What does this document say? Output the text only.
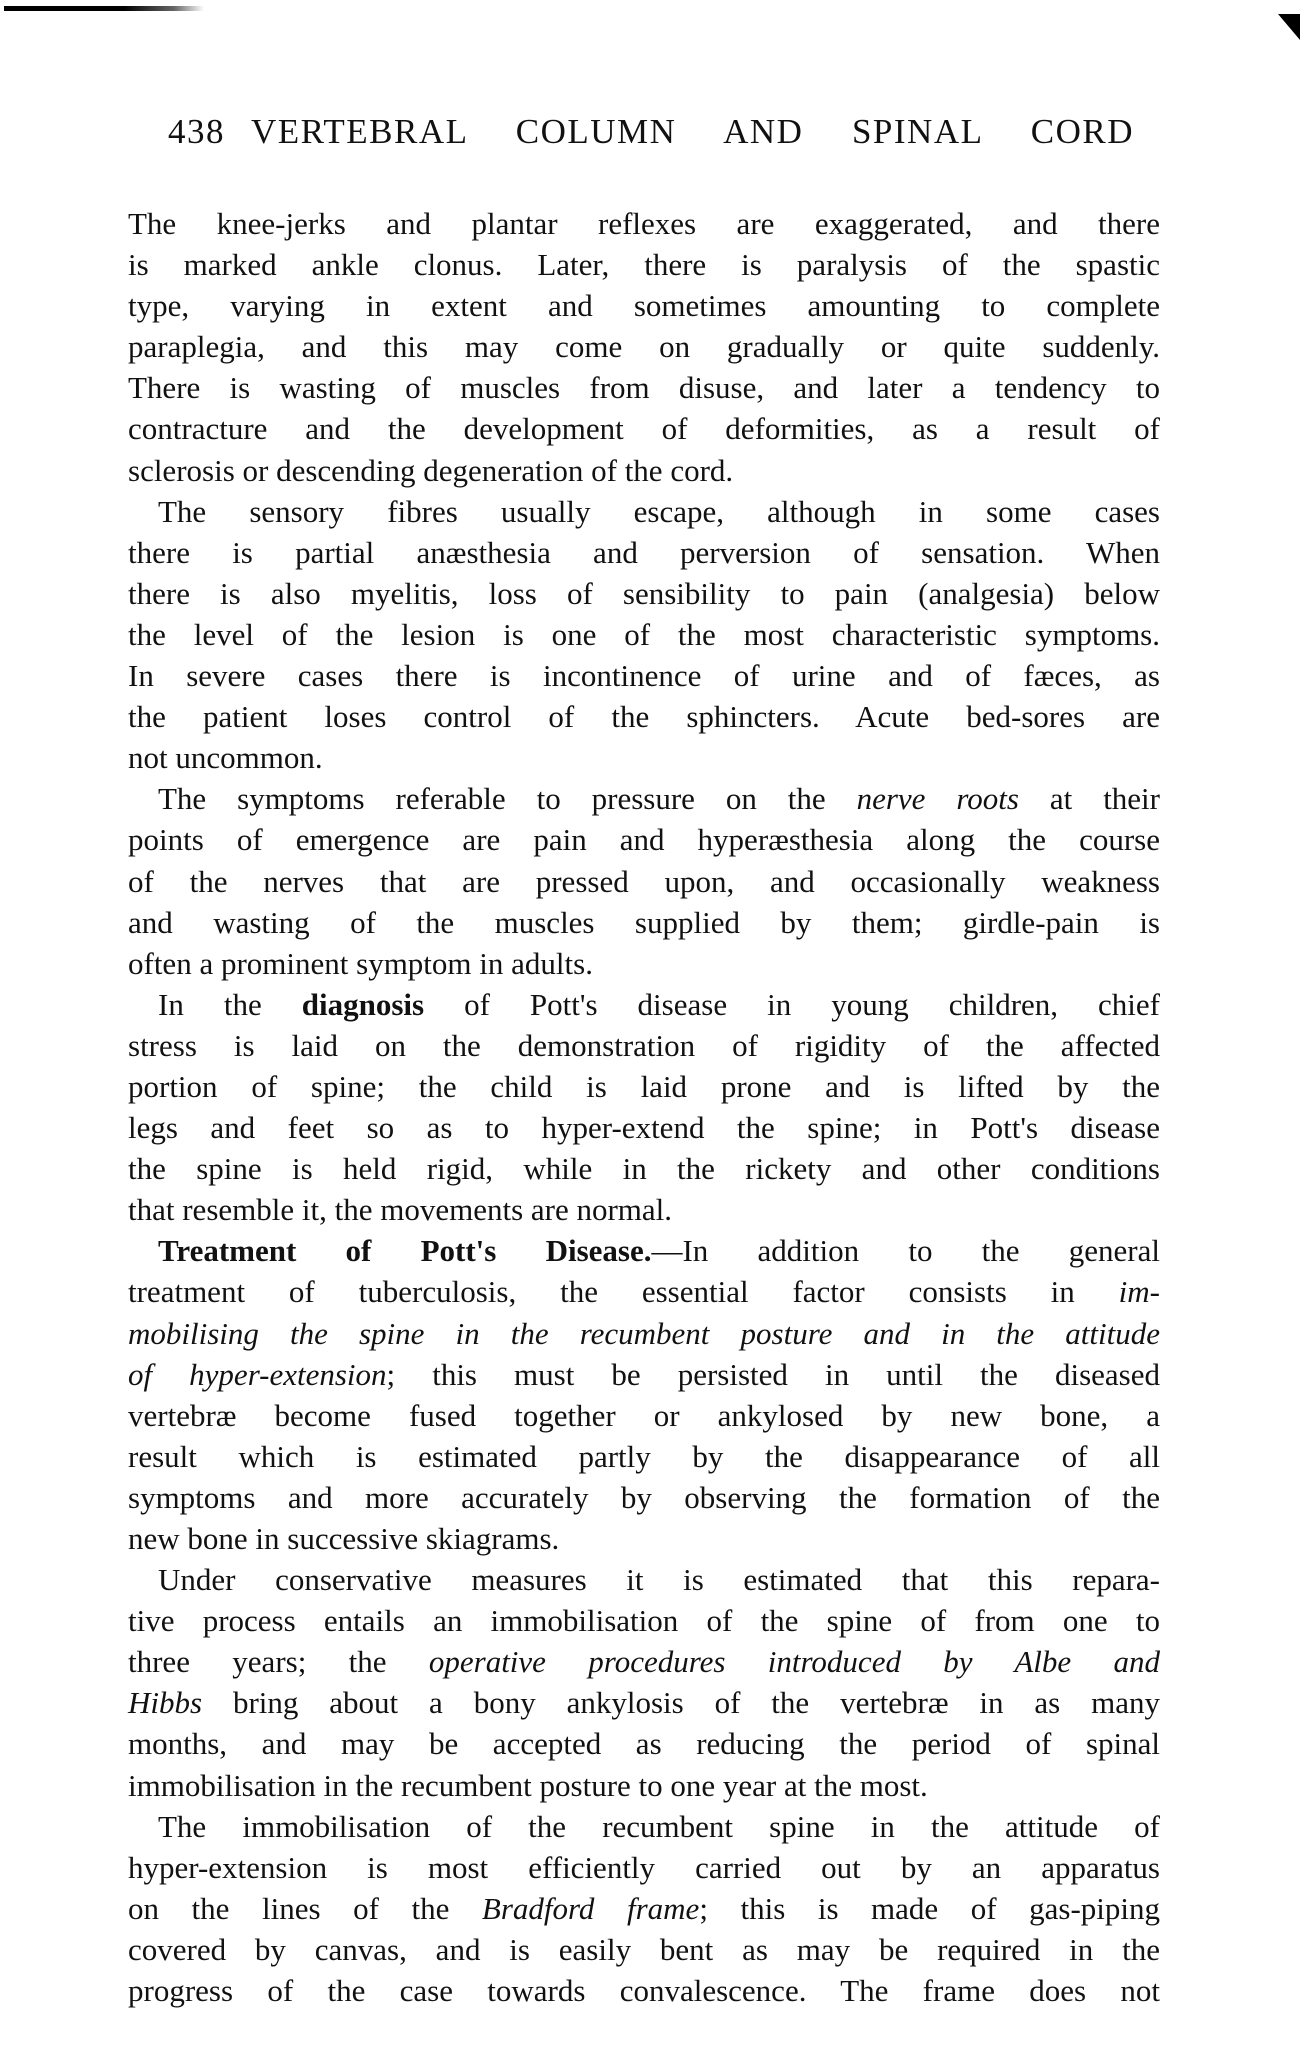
438 VERTEBRAL COLUMN AND SPINAL CORD
The knee-jerks and plantar reflexes are exaggerated, and there
is marked ankle clonus. Later, there is paralysis of the spastic
type, varying in extent and sometimes amounting to complete
paraplegia, and this may come on gradually or quite suddenly.
There is wasting of muscles from disuse, and later a tendency to
contracture and the development of deformities, as a result of
sclerosis or descending degeneration of the cord.
The sensory fibres usually escape, although in some cases
there is partial anæsthesia and perversion of sensation. When
there is also myelitis, loss of sensibility to pain (analgesia) below
the level of the lesion is one of the most characteristic symptoms.
In severe cases there is incontinence of urine and of fæces, as
the patient loses control of the sphincters. Acute bed-sores are
not uncommon.
The symptoms referable to pressure on the nerve roots at their
points of emergence are pain and hyperæsthesia along the course
of the nerves that are pressed upon, and occasionally weakness
and wasting of the muscles supplied by them; girdle-pain is
often a prominent symptom in adults.
In the diagnosis of Pott's disease in young children, chief
stress is laid on the demonstration of rigidity of the affected
portion of spine; the child is laid prone and is lifted by the
legs and feet so as to hyper-extend the spine; in Pott's disease
the spine is held rigid, while in the rickety and other conditions
that resemble it, the movements are normal.
Treatment of Pott's Disease.—In addition to the general
treatment of tuberculosis, the essential factor consists in im-
mobilising the spine in the recumbent posture and in the attitude
of hyper-extension; this must be persisted in until the diseased
vertebræ become fused together or ankylosed by new bone, a
result which is estimated partly by the disappearance of all
symptoms and more accurately by observing the formation of the
new bone in successive skiagrams.
Under conservative measures it is estimated that this repara-
tive process entails an immobilisation of the spine of from one to
three years; the operative procedures introduced by Albe and
Hibbs bring about a bony ankylosis of the vertebræ in as many
months, and may be accepted as reducing the period of spinal
immobilisation in the recumbent posture to one year at the most.
The immobilisation of the recumbent spine in the attitude of
hyper-extension is most efficiently carried out by an apparatus
on the lines of the Bradford frame; this is made of gas-piping
covered by canvas, and is easily bent as may be required in the
progress of the case towards convalescence. The frame does not
